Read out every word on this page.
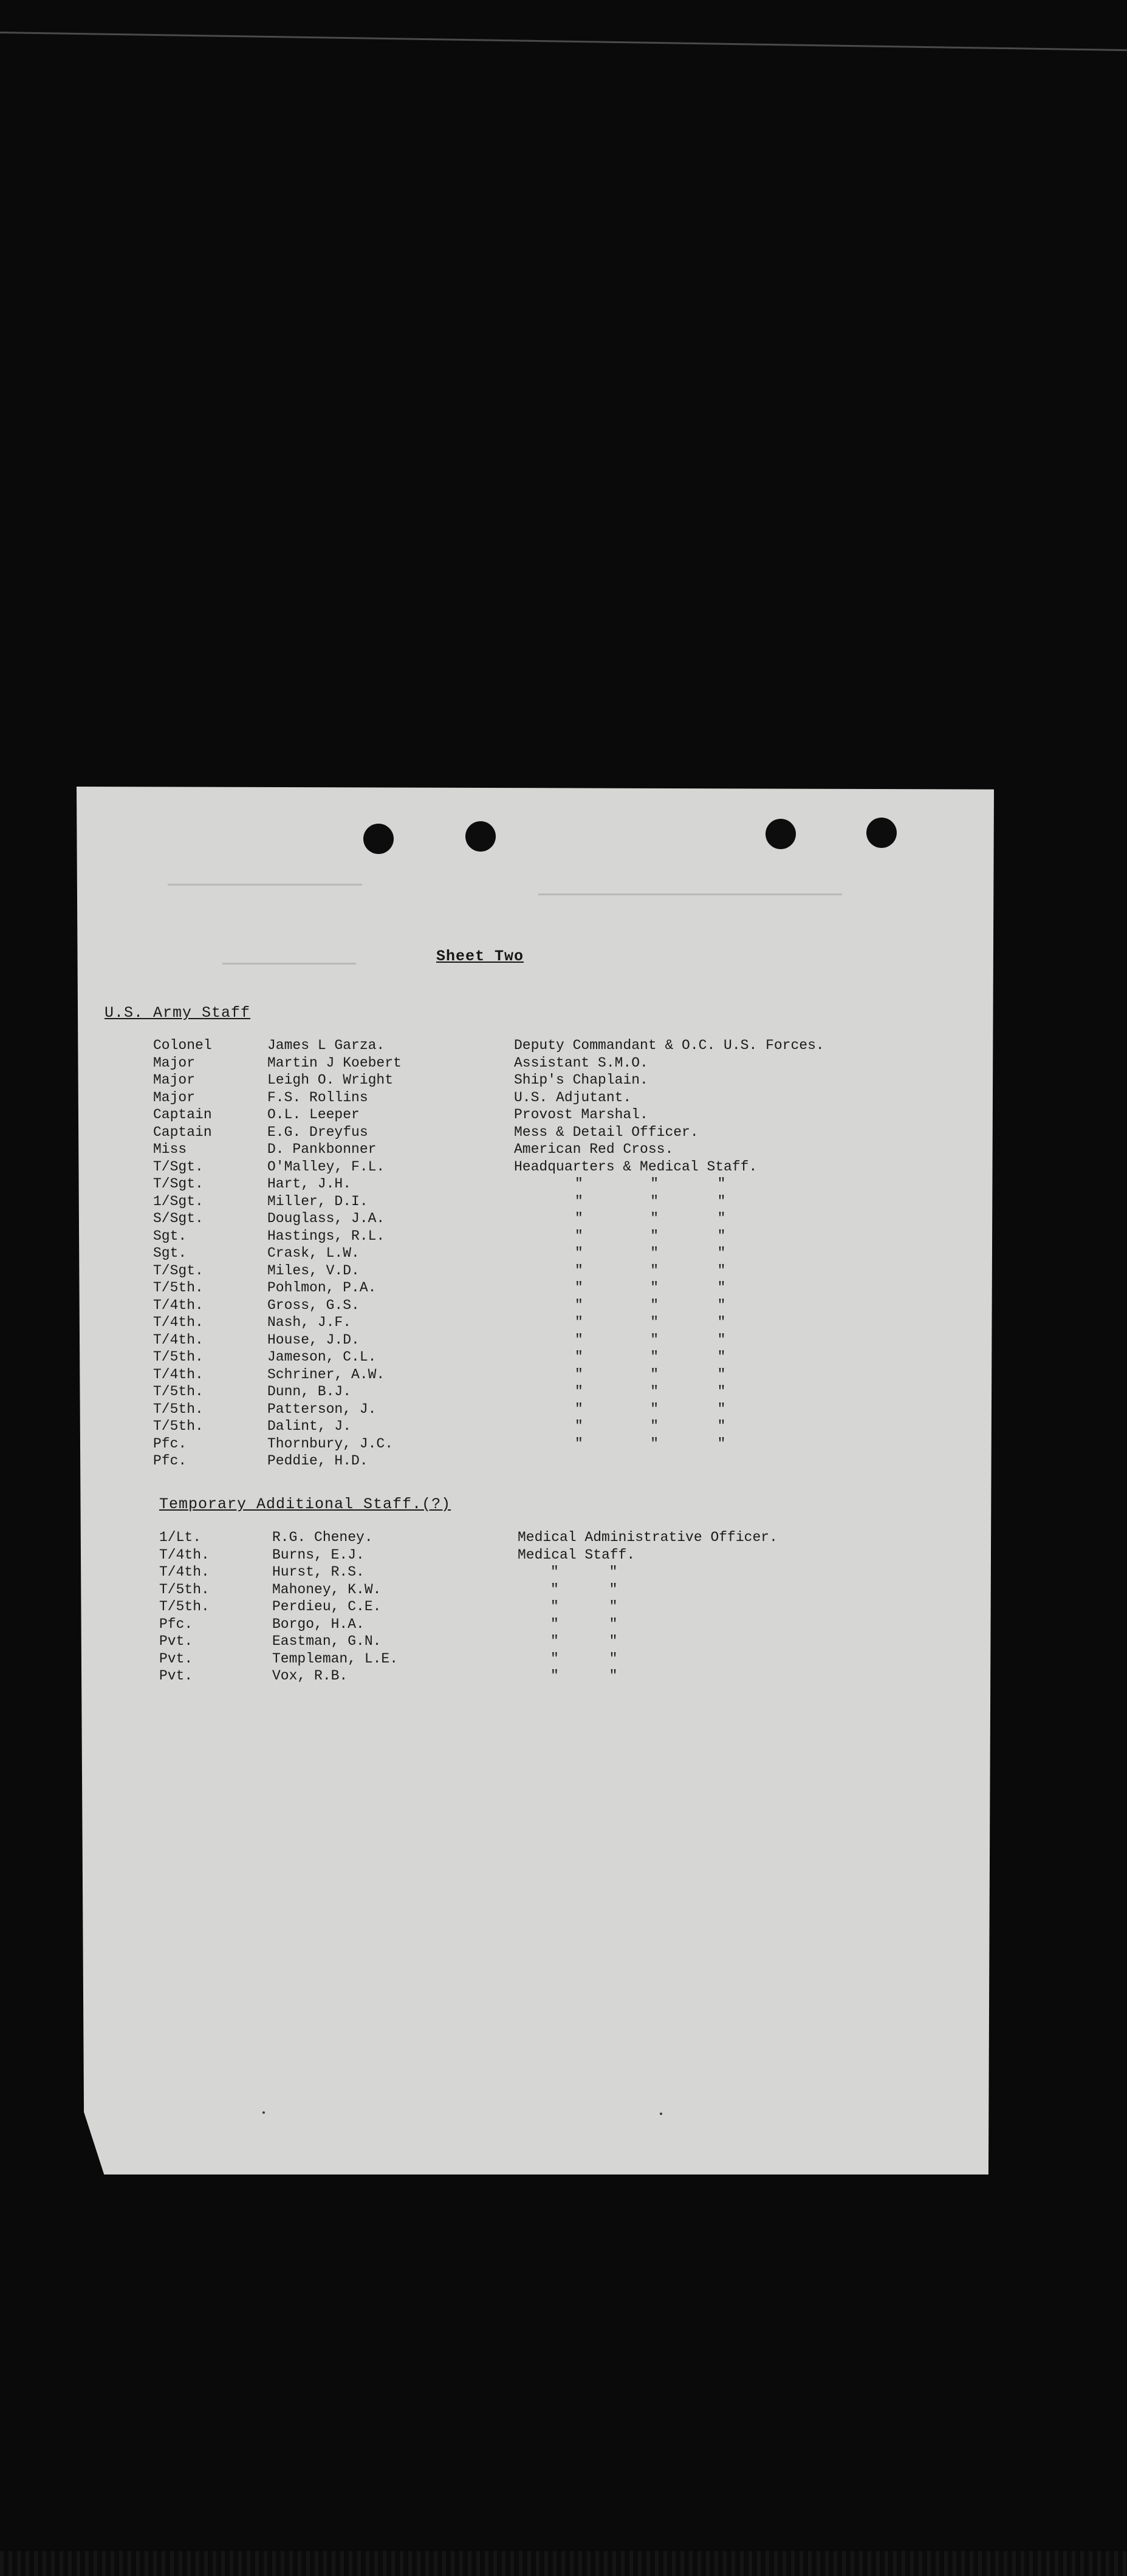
Sheet Two
U.S. Army Staff
Colonel	James L Garza.	Deputy Commandant & O.C. U.S. Forces.
Major	Martin J Koebert	Assistant S.M.O.
Major	Leigh O. Wright	Ship's Chaplain.
Major	F.S. Rollins	U.S. Adjutant.
Captain	O.L. Leeper	Provost Marshal.
Captain	E.G. Dreyfus	Mess & Detail Officer.
Miss	D. Pankbonner	American Red Cross.
T/Sgt.	O'Malley, F.L.	Headquarters & Medical Staff.
T/Sgt.	Hart, J.H.	"        "       "
1/Sgt.	Miller, D.I.	"        "       "
S/Sgt.	Douglass, J.A.	"        "       "
Sgt.	Hastings, R.L.	"        "       "
Sgt.	Crask, L.W.	"        "       "
T/Sgt.	Miles, V.D.	"        "       "
T/5th.	Pohlmon, P.A.	"        "       "
T/4th.	Gross, G.S.	"        "       "
T/4th.	Nash, J.F.	"        "       "
T/4th.	House, J.D.	"        "       "
T/5th.	Jameson, C.L.	"        "       "
T/4th.	Schriner, A.W.	"        "       "
T/5th.	Dunn, B.J.	"        "       "
T/5th.	Patterson, J.	"        "       "
T/5th.	Dalint, J.	"        "       "
Pfc.	Thornbury, J.C.	"        "       "
Pfc.	Peddie, H.D.
Temporary Additional Staff.(?)
1/Lt.	R.G. Cheney.	Medical Administrative Officer.
T/4th.	Burns, E.J.	Medical Staff.
T/4th.	Hurst, R.S.	"      "
T/5th.	Mahoney, K.W.	"      "
T/5th.	Perdieu, C.E.	"      "
Pfc.	Borgo, H.A.	"      "
Pvt.	Eastman, G.N.	"      "
Pvt.	Templeman, L.E.	"      "
Pvt.	Vox, R.B.	"      "
